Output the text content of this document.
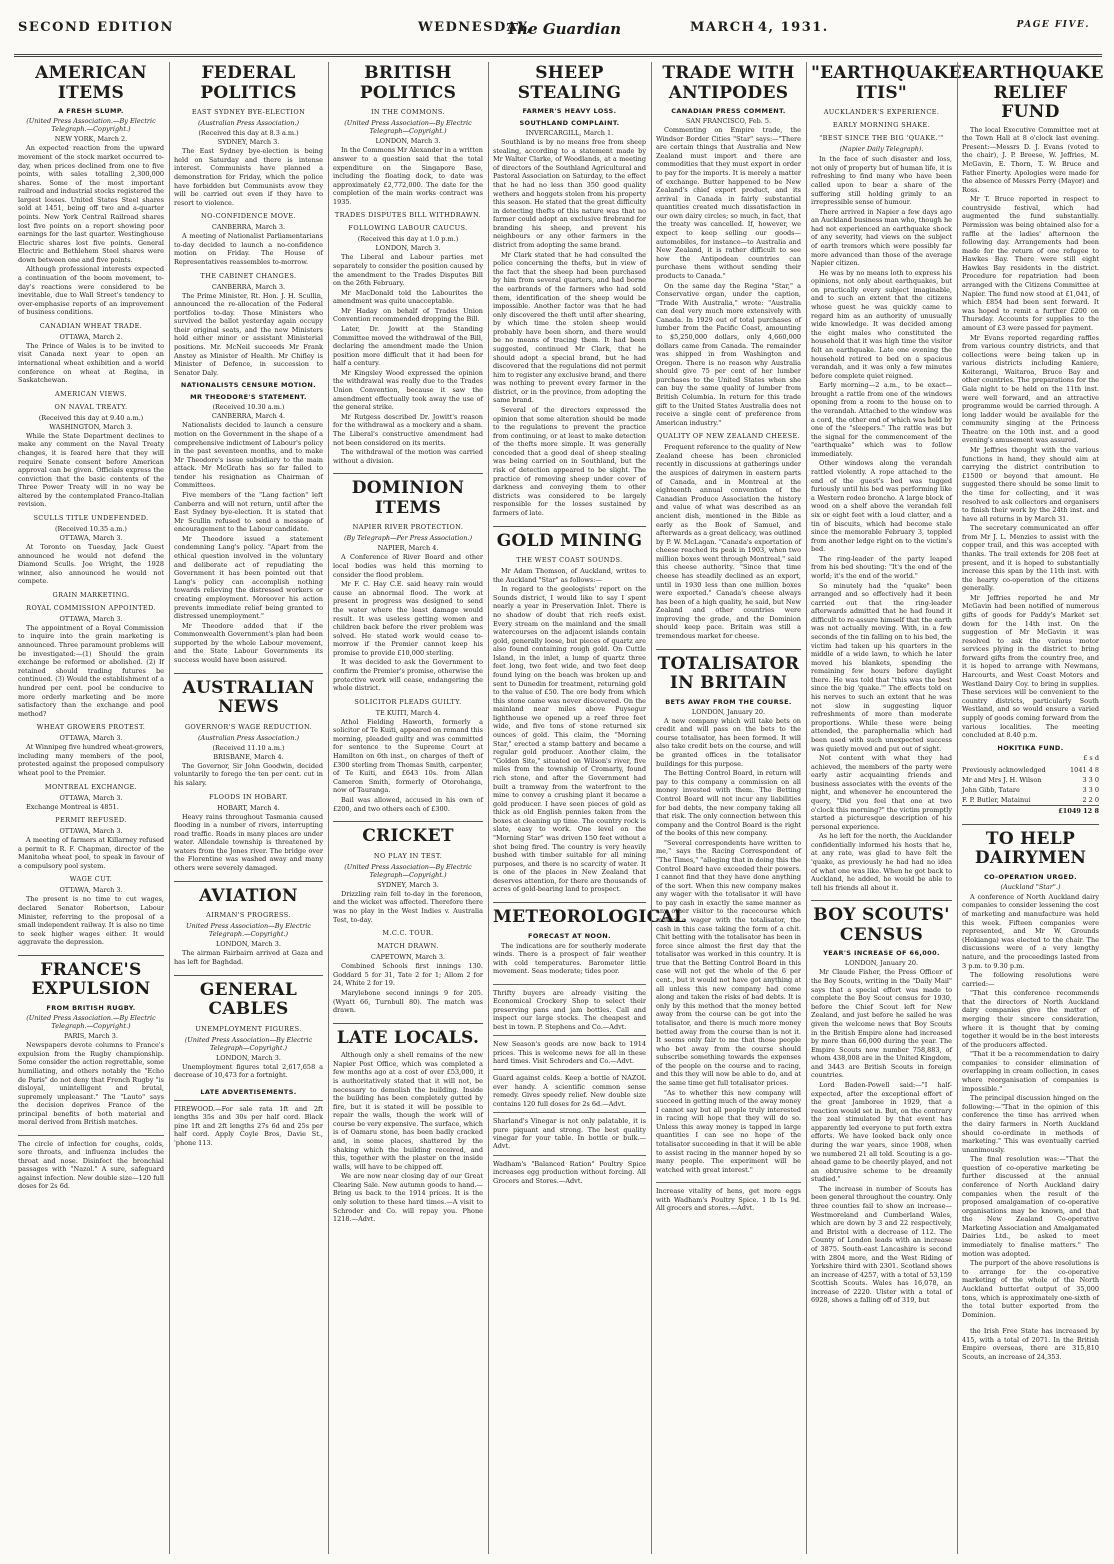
SECOND EDITION	WEDNESDAY,
The Guardian	MARCH 4, 1931.	PAGE FIVE.
AMERICAN ITEMS
A FRESH SLUMP.
(United Press Association.—By Electric Telegraph.—Copyright.)
NEW YORK, March 2.

An expected reaction from the upward movement of the stock market occurred to-day, when prices declined from one to five points, with sales totalling 2,300,000 shares. Some of the most important railroad and industrial stocks registered the largest losses. United States Steel shares sold at 1451, being off two and a-quarter points. New York Central Railroad shares lost five points on a report showing poor earnings for the last quarter. Westinghouse Electric shares lost five points. General Electric and Bethlehem Steel shares were down between one and five points.

Although professional interests expected a continuation of the boom movement, to-day's reactions were considered to be inevitable, due to Wall Street's tendency to over-emphasise reports of an improvement of business conditions.

CANADIAN WHEAT TRADE.
OTTAWA, March 2.

The Prince of Wales is to be invited to visit Canada next year to open an international wheat exhibition and a world conference on wheat at Regina, in Saskatchewan.

AMERICAN VIEWS.
ON NAVAL TREATY.
(Received this day at 9.40 a.m.)
WASHINGTON, March 3.

While the State Department declines to make any comment on the Naval Treaty changes, it is feared here that they will require Senate consent before American approval can be given. Officials express the conviction that the basic contents of the Three Power Treaty will in no way be altered by the contemplated Franco-Italian revision.

SCULLS TITLE UNDEFENDED.
(Received 10.35 a.m.)
OTTAWA, March 3.

At Toronto on Tuesday, Jack Guest announced he would not defend the Diamond Sculls. Joe Wright, the 1928 winner, also announced he would not compete.

GRAIN MARKETING.
ROYAL COMMISSION APPOINTED.
OTTAWA, March 3.

The appointment of a Royal Commission to inquire into the grain marketing is announced. Three paramount problems will be investigated:—(1) Should the grain exchange be reformed or abolished. (2) If retained should trading futures be continued. (3) Would the establishment of a hundred per cent. pool be conducive to more orderly marketing and be more satisfactory than the exchange and pool method?

WHEAT GROWERS PROTEST.
OTTAWA, March 3.

At Winnipeg five hundred wheat-growers, including many members of the pool, protested against the proposed compulsory wheat pool to the Premier.

MONTREAL EXCHANGE.
OTTAWA, March 3.

Exchange Montreal is 4851.

PERMIT REFUSED.
OTTAWA, March 3.

A meeting of farmers at Killarney refused a permit to R. F. Chapman, director of the Manitoba wheat pool, to speak in favour of a compulsory pool system.

WAGE CUT.
OTTAWA, March 3.

The present is no time to cut wages, declared Senator Robertson, Labour Minister, referring to the proposal of a small independent railway. It is also no time to seek higher wages either. It would aggravate the depression.

FRANCE'S EXPULSION
FROM BRITISH RUGBY.
(United Press Association.—By Electric Telegraph.—Copyright.)
PARIS, March 3.

Newspapers devote columns to France's expulsion from the Rugby championship. Some consider the action regrettable, some humiliating, and others notably the "Echo de Paris" do not deny that French Rugby "is disloyal, unintelligent and brutal, supremely unpleasant." The "Lauto" says the decision deprives France of the principal benefits of both material and moral derived from British matches.

The circle of infection for coughs, colds, sore throats, and influenza includes the throat and nose. Disinfect the bronchial passages with "Nazol." A sure, safeguard against infection. New double size—120 full doses for 2s 6d.
FEDERAL POLITICS
EAST SYDNEY BYE-ELECTION
(Australian Press Association.)
(Received this day at 8.3 a.m.)
SYDNEY, March 3.

The East Sydney bye-election is being held on Saturday and there is intense interest. Communists have planned a demonstration for Friday, which the police have forbidden but Communists avow they will be carried out even if they have to resort to violence.

NO-CONFIDENCE MOVE.
CANBERRA, March 3.

A meeting of Nationalist Parliamentarians to-day decided to launch a no-confidence motion on Friday. The House of Representatives reassembles to-morrow.

THE CABINET CHANGES.
CANBERRA, March 3.

The Prime Minister, Rt. Hon. J. H. Scullin, announced the re-allocation of the Federal portfolios to-day. Those Ministers who survived the ballot yesterday again occupy their original seats, and the new Ministers hold either minor or assistant Ministerial positions. Mr. McNeil succeeds Mr Frank Anstey as Minister of Health. Mr Chifley is Minister of Defence, in succession to Senator Daly.

NATIONALISTS CENSURE MOTION.
MR THEODORE'S STATEMENT.
(Received 10.30 a.m.)
CANBERRA, March 4.

Nationalists decided to launch a censure motion on the Government in the shape of a comprehensive indictment of Labour's policy in the past seventeen months, and to make Mr Theodore's issue subsidiary to the main attack. Mr McGrath has so far failed to tender his resignation as Chairman of Committees.

Five members of the "Lang faction" left Canberra and will not return, until after the East Sydney bye-election. It is stated that Mr Scullin refused to send a message of encouragement to the Labour candidate.

Mr Theodore issued a statement condemning Lang's policy. "Apart from the ethical question involved in the voluntary and deliberate act of repudiating the Government it has been pointed out that Lang's policy can accomplish nothing towards relieving the distressed workers or creating employment. Moreover his action prevents immediate relief being granted to distressed unemployment."

Mr Theodore added that if the Commonwealth Government's plan had been supported by the whole Labour movement, and the State Labour Governments its success would have been assured.

AUSTRALIAN NEWS
GOVERNOR'S WAGE REDUCTION.
(Australian Press Association.)
(Received 11.10 a.m.)
BRISBANE, March 4.

The Governor, Sir John Goodwin, decided voluntarily to forego the ten per cent. cut in his salary.

FLOODS IN HOBART.
HOBART, March 4.

Heavy rains throughout Tasmania caused flooding in a number of rivers, interrupting road traffic. Roads in many places are under water. Allendale township is threatened by waters from the Jones river. The bridge over the Florentine was washed away and many others were severely damaged.

AVIATION
AIRMAN'S PROGRESS.
United Press Association—By Electric Telegraph.—Copyright.)
LONDON, March 3.

The airman Fairbairn arrived at Gaza and has left for Baghdad.

GENERAL CABLES
UNEMPLOYMENT FIGURES.
(United Press Association—By Electric Telegraph—Copyright.)
LONDON, March 3.

Unemployment figures total 2,617,658 a decrease of 10,473 for a fortnight.

LATE ADVERTISEMENTS.
FIREWOOD.—For sale rata 1ft and 2ft lengths 35s and 30s per half cord. Black pine 1ft and 2ft lengths 27s 6d and 25s per half cord. Apply Coyle Bros, Davie St., 'phone 113.
BRITISH POLITICS
IN THE COMMONS.
(United Press Association—By Electric Telegraph—Copyright.)
LONDON, March 3.

In the Commons Mr Alexander in a written answer to a question said that the total expenditure on the Singapore Base, including the floating dock, to date was approximately £2,772,000. The date for the completion of the main works contract was 1935.

TRADES DISPUTES BILL WITHDRAWN.
FOLLOWING LABOUR CAUCUS.
(Received this day at 1.0 p.m.)
LONDON, March 3.

The Liberal and Labour parties met separately to consider the position caused by the amendment to the Trades Disputes Bill on the 26th February.

Mr MacDonald told the Labourites the amendment was quite unacceptable.

Mr Haday on behalf of Trades Union Convention recommended dropping the Bill.

Later, Dr. Jowitt at the Standing Committee moved the withdrawal of the Bill, declaring the amendment made the Union position more difficult that it had been for half a century.

Mr Kingsley Wood expressed the opinion the withdrawal was really due to the Trades Union Convention, because it saw the amendment effectually took away the use of the general strike.

Mr Rutgess described Dr. Jowitt's reason for the withdrawal as a mockery and a sham. The Liberal's constructive amendment had not been considered on its merits.

The withdrawal of the motion was carried without a division.

DOMINION ITEMS
NAPIER RIVER PROTECTION.
(By Telegraph—Per Press Association.)
NAPIER, March 4.

A Conference of River Board and other local bodies was held this morning to consider the flood problem.

Mr F. C. Hay C.E. said heavy rain would cause an abnormal flood. The work at present in progress was designed to send the water where the least damage would result. It was useless getting women and children back before the river problem was solved. He stated work would cease to-morrow if the Premier cannot keep his promise to provide £10,000 sterling.

It was decided to ask the Government to confirm the Premier's promise, otherwise the protective work will cease, endangering the whole district.

SOLICITOR PLEADS GUILTY.
TE KUITI, March 4.

Athol Fielding Haworth, formerly a solicitor of Te Kuiti, appeared on remand this morning, pleaded guilty and was committed for sentence to the Supreme Court at Hamilton on 6th inst., on charges of theft of £300 sterling from Thomas Smith, carpenter, of Te Kuiti, and £643 10s. from Allan Cameron Smith, formerly of Otorohanga, now of Tauranga.

Bail was allowed, accused in his own of £200, and two others each of £300.

CRICKET
NO PLAY IN TEST.
(United Press Association—By Electric Telegraph—Copyright.)
SYDNEY, March 3.

Drizzling rain fell to-day in the forenoon, and the wicket was affected. Therefore there was no play in the West Indies v. Australia Test, to-day.

M.C.C. TOUR.
MATCH DRAWN.
CAPETOWN, March 3.

Combined Schools first innings 130. Goddard 5 for 31, Tate 2 for 1; Allom 2 for 24, White 2 for 19.

Marylebone second innings 9 for 205. (Wyatt 66, Turnbull 80). The match was drawn.

LATE LOCALS.

Although only a shell remains of the new Napier Post Office, which was completed a few months ago at a cost of over £53,000, it is authoritatively stated that it will not, be necessary to demolish the building. Inside the building has been completely gutted by fire, but it is stated it will be possible to repair the walls, though the work will of course be very expensive. The surface, which is of Oamaru stone, has been badly cracked and, in some places, shattered by the shaking which the building received, and this, together with the plaster on the inside walls, will have to be chipped off.

We are now near closing day of our Great Clearing Sale. New autumn goods to hand.—Bring us back to the 1914 prices. It is the only solution to these hard times.—A visit to Schroder and Co. will repay you. Phone 1218.—Advt.

SHEEP STEALING
FARMER'S HEAVY LOSS.
SOUTHLAND COMPLAINT.
INVERCARGILL, March 1.

Southland is by no means free from sheep stealing, according to a statement made by Mr Walter Clarke, of Woodlands, at a meeting of directors of the Southland Agricultural and Pastoral Association on Saturday, to the effect that he had no less than 350 good quality wethers and hoggets stolen from his property this season. He stated that the great difficulty in detecting thefts of this nature was that no farmer could adopt an exclusive firebrand for branding his sheep, and prevent his neighbours or any other farmers in the district from adopting the same brand.

Mr Clark stated that he had consulted the police concerning the thefts, but in view of the fact that the sheep had been purchased by him from several quarters, and had borne the earbrands of the farmers who had sold them, identification of the sheep would be impossible. Another factor was that he had only discovered the theft until after shearing, by which time the stolen sheep would probably have been shorn, and there would be no means of tracing them. It had been suggested, continued Mr Clark, that he should adopt a special brand, but he had discovered that the regulations did not permit him to register any exclusive brand, and there was nothing to prevent every farmer in the district, or in the province, from adopting the same brand.

Several of the directors expressed the opinion that some alteration should be made to the regulations to prevent the practice from continuing, or at least to make detection of the thefts more simple. It was generally conceded that a good deal of sheep stealing was being carried on in Southland, but the risk of detection appeared to be slight. The practice of removing sheep under cover of darkness and conveying them to other districts was considered to be largely responsible for the losses sustained by farmers of late.

GOLD MINING
THE WEST COAST SOUNDS.

Mr Adam Thomson, of Auckland, writes to the Auckland "Star" as follows:—

In regard to the geologists' report on the Sounds district, I would like to say I spent nearly a year in Preservation Inlet. There is no shadow of doubt that rich reefs exist. Every stream on the mainland and the small watercourses on the adjacent islands contain gold, generally loose, but pieces of quartz are also found containing rough gold. On Cuttle Island, in the inlet, a lump of quartz three feet long, two feet wide, and two feet deep found lying on the beach was broken up and sent to Dunedin for treatment, returning gold to the value of £50. The ore body from which this stone came was never discovered. On the mainland near miles above Puysegur lighthouse we opened up a reef three feet wide, and five tons of stone returned six ounces of gold. This claim, the "Morning Star," erected a stamp battery and became a regular gold producer. Another claim, the "Golden Site," situated on Wilson's river, five miles from the township of Cromarty, found rich stone, and after the Government had built a tramway from the waterfront to the mine to convey a crushing plant it became a gold producer. I have seen pieces of gold as thick as old English pennies taken from the boxes at cleaning up time. The country rock is slate, easy to work. One level on the "Morning Star" was driven 150 feet without a shot being fired. The country is very heavily bushed with timber suitable for all mining purposes, and there is no scarcity of water. It is one of the places in New Zealand that deserves attention, for there are thousands of acres of gold-bearing land to prospect.

METEOROLOGICAL
FORECAST AT NOON.

The indications are for southerly moderate winds. There is a prospect of fair weather with cold temperatures. Barometer little movement. Seas moderate; tides poor.

Thrifty buyers are already visiting the Economical Crockery Shop to select their preserving pans and jam bottles. Call and inspect our large stocks. The cheapest and best in town. P. Stephens and Co.—Advt.
New Season's goods are now back to 1914 prices. This is welcome news for all in these hard times. Visit Schroders and Co.—Advt.
Guard against colds. Keep a bottle of NAZOL ever handy. A scientific common sense remedy. Gives speedy relief. New double size contains 120 full doses for 2s 6d.—Advt.
Sharland's Vinegar is not only palatable, it is pure piquant and strong. The best quality vinegar for your table. In bottle or bulk.—Advt.
Wadham's "Balanced Ration" Poultry Spice increases egg production without forcing. All Grocers and Stores.—Advt.
TRADE WITH ANTIPODES
CANADIAN PRESS COMMENT.
SAN FRANCISCO, Feb. 5.

Commenting on Empire trade, the Windsor Border Cities "Star" says:—"There are certain things that Australia and New Zealand must import and there are commodities that they must export in order to pay for the imports. It is merely a matter of exchange. Butter happened to be New Zealand's chief export product, and its arrival in Canada in fairly substantial quantities created much dissatisfaction in our own dairy circles; so much, in fact, that the treaty was cancelled. If, however, we expect to keep selling our goods—automobiles, for instance—to Australia and New Zealand, it is rather difficult to see how the Antipodean countries can purchase them without sending their products to Canada."

On the same day the Regina "Star," a Conservative organ, under the caption, "Trade With Australia," wrote: "Australia can deal very much more extensively with Canada. In 1929 out of total purchases of lumber from the Pacific Coast, amounting to $5,250,000 dollars, only 4,660,000 dollars came from Canada. The remainder was shipped in from Washington and Oregon. There is no reason why Australia should give 75 per cent of her lumber purchases to the United States when she can buy the same quality of lumber from British Columbia. In return for this trade gift to the United States Australia does not receive a single cent of preference from American industry."

QUALITY OF NEW ZEALAND CHEESE.

Frequent reference to the quality of New Zealand cheese has been chronicled recently in discussions at gatherings under the auspices of dairymen in eastern parts of Canada, and in Montreal at the eighteenth annual convention of the Canadian Produce Association the history and value of what was described as an ancient dish, mentioned in the Bible as early as the Book of Samuel, and afterwards as a great delicacy, was outlined by P. W. McLagan. "Canada's exportation of cheese reached its peak in 1903, when two million boxes went through Montreal," said this cheese authority. "Since that time cheese has steadily declined as an export, until in 1930 less than one million boxes were exported." Canada's cheese always has been of a high quality, he said, but New Zealand and other countries were improving the grade, and the Dominion should keep pace. Britain was still a tremendous market for cheese.

TOTALISATOR IN BRITAIN
BETS AWAY FROM THE COURSE.
LONDON, January 20.

A new company which will take bets on credit and will pass on the bets to the course totalisator, has been formed. It will also take credit bets on the course, and will be granted offices in the totalisator buildings for this purpose.

The Betting Control Board, in return will pay to this company a commission on all money invested with them. The Betting Control Board will not incur any liabilities for bad debts, the new company taking all that risk. The only connection between this company and the Control Board is the right of the books of this new company.

"Several correspondents have written to me," says the Racing Correspondent of "The Times," "alleging that in doing this the Control Board have exceeded their powers. I cannot find that they have done anything of the sort. When this new company makes any wager with the totalisator it will have to pay cash in exactly the same manner as any other visitor to the racecourse which makes a wager with the totalisator, the cash in this case taking the form of a chit. Chit betting with the totalisator has been in force since almost the first day that the totalisator was worked in this country. It is true that the Betting Control Board in this case will not get the whole of the 6 per cent., but it would not have got anything at all unless this new company had come along and taken the risks of bad debts. It is only by this method that the money betted away from the course can be got into the totalisator, and there is much more money betted away from the course than is not it. It seems only fair to me that those people who bet away from the course should subscribe something towards the expenses of the people on the course and to racing, and this they will now be able to do, and at the same time get full totalisator prices.

"As to whether this new company will succeed in getting much of the away money I cannot say but all people truly interested in racing will hope that they will do so. Unless this away money is tapped in large quantities I can see no hope of the totalisator succeeding in that it will be able to assist racing in the manner hoped by so many people. The experiment will be watched with great interest."

Increase vitality of hens, get more eggs with Wadham's Poultry Spice. 1 lb 1s 9d. All grocers and stores.—Advt.
"EARTHQUAKE-ITIS"
AUCKLANDER'S EXPERIENCE.
EARLY MORNING SHAKE.
"BEST SINCE THE BIG 'QUAKE.'"
(Napier Daily Telegraph).

In the face of such disaster and loss, not only of property but of human life, it is refreshing to find many who have been called upon to bear a share of the suffering still holding grimly to an irrepressible sense of humour.

There arrived in Napier a few days ago an Auckland business man who, though he had not experienced an earthquake shock of any severity, had views on the subject of earth tremors which were possibly far more advanced than those of the average Napier citizen.

He was by no means loth to express his opinions, not only about earthquakes, but on practically every subject imaginable, and to such an extent that the citizens whose guest he was quickly came to regard him as an authority of unusually wide knowledge. It was decided among the eight males who constituted the household that it was high time the visitor felt an earthquake. Late one evening the household retired to bed on a spacious verandah, and it was only a few minutes before complete quiet reigned.

Early morning—2 a.m., to be exact—brought a rattle from one of the windows opening from a room to the house on to the verandah. Attached to the window was a cord, the other end of which was held by one of the "sleepers." The rattle was but the signal for the commencement of the "earthquake" which was to follow immediately.

Other windows along the verandah rattled violently. A rope attached to the end of the guest's bed was tugged furiously until his bed was performing like a Western rodeo broncho. A large block of wood on a shelf above the verandah fell six or eight feet with a loud clatter, and a tin of biscuits, which had become stale since the memorable February 3, toppled from another ledge right on to the victim's bed.

The ring-leader of the party leaped from his bed shouting: "It's the end of the world; it's the end of the world."

So minutely had the "quake" been arranged and so effectively had it been carried out that the ring-leader afterwards admitted that he had found it difficult to re-assure himself that the earth was not actually moving. With, in a few seconds of the tin falling on to his bed, the victim had taken up his quarters in the middle of a wide lawn, to which he later moved his blankets, spending the remaining few hours before daylight there. He was told that "this was the best since the big 'quake.'" The effects told on his nerves to such an extent that he was not slow in suggesting liquor refreshments of more than moderate proportions. While these were being attended, the paraphernalia which had been used with such unexpected success was quietly moved and put out of sight.

Not content with what they had achieved, the members of the party were early astir acquainting friends and business associates with the events of the night, and whenever he encountered the query, "Did you feel that one at two o'clock this morning?" the victim promptly started a picturesque description of his personal experience.

As he left for the north, the Aucklander confidentially informed his hosts that he, at any rate, was glad to have felt the 'quake, as previously he had had no idea of what one was like. When he got back to Auckland, he added, he would be able to tell his friends all about it.

BOY SCOUTS' CENSUS
YEAR'S INCREASE OF 66,000.
LONDON, January 20.

Mr Claude Fisher, the Press Officer of the Boy Scouts, writing in the "Daily Mail" says that a special effort was made to complete the Boy Scout census for 1930, before the Chief Scout left for New Zealand, and just before he sailed he was given the welcome news that Boy Scouts in the British Empire alone had increased by more than 66,000 during the year. The Empire Scouts now number 758,883, of whom 438,008 are in the United Kingdom, and 3443 are British Scouts in foreign countries.

Lord Baden-Powell said:—"I half-expected, after the exceptional effort of the great Jamboree in 1929, that a reaction would set in. But, on the contrary the zeal stimulated by that event has apparently led everyone to put forth extra efforts. We have looked back only once during the war years, since 1908, when we numbered 21 all told. Scouting is a go-ahead game to be cheerily played, and not an obtrusive scheme to be dreamily studied."

The increase in number of Scouts has been general throughout the country. Only three counties fail to show an increase—Westmoreland and Cumberland Wales, which are down by 3 and 22 respectively, and Bristol with a decrease of 112. The County of London leads with an increase of 3875. South-east Lancashire is second with 2804 more, and the West Riding of Yorkshire third with 2301. Scotland shows an increase of 4257, with a total of 53,159 Scottish Scouts. Wales has 16,078, an increase of 2220. Ulster with a total of 6928, shows a falling off of 319, but

EARTHQUAKE RELIEF FUND

The local Executive Committee met at the Town Hall at 8 o'clock last evening. Present:—Messrs D. J. Evans (voted to the chair), J. P. Breese, W. Jeffries, M. McGavin, E. Thorn, T. W. Bruce and Father Finerty. Apologies were made for the absence of Messrs Perry (Mayor) and Ross.

Mr T. Bruce reported in respect to countryside festival, which had augmented the fund substantially. Permission was being obtained also for a raffle at the ladies' afternoon the following day. Arrangements had been made for the return of one refugee to Hawkes Bay. There were still eight Hawkes Bay residents in the district. Procedure for repatriation had been arranged with the Citizens Committee at Napier. The fund now stood at £1,041, of which £854 had been sent forward. It was hoped to remit a further £200 on Thursday. Accounts for supplies to the amount of £3 were passed for payment.

Mr Evans reported regarding raffles from various country districts, and that collections were being taken up in various districts including Kaniere, Koiterangi, Waitaroa, Bruce Bay and other countries. The preparations for the Gala night to be held on the 11th inst. were well forward, and an attractive programme would be carried through. A long ladder would be available for the community singing at the Princess Theatre on the 10th inst. and a good evening's amusement was assured.

Mr Jeffries thought with the various functions in hand, they should aim at carrying the district contribution to £1500 or beyond that amount. He suggested there should be some limit to the time for collecting, and it was resolved to ask collectors and organisers to finish their work by the 24th inst. and have all returns in by March 31.

The secretary communicated an offer from Mr J. L. Menzies to assist with the copper trail, and this was accepted with thanks. The trail extends for 208 feet at present, and it is hoped to substantially increase this span by the 11th inst. with the hearty co-operation of the citizens generally.

Mr Jeffries reported he and Mr McGavin had been notified of numerous gifts of goods for Paddy's Market set down for the 14th inst. On the suggestion of Mr McGavin it was resolved to ask the various motor services plying in the district to bring forward gifts from the country free, and it is hoped to arrange with Newmans, Harcourts, and West Coast Motors and Westland Dairy Coy. to bring in supplies. These services will be convenient to the country districts, particularly South Westland, and so would ensure a varied supply of goods coming forward from the various localities. The meeting concluded at 8.40 p.m.

HOKITIKA FUND.
£ s d
Previously acknowledged	1041 4 8
Mr and Mrs J. H. Wilson	3 3 0
John Gibb, Tatare	3 3 0
F. P. Butler, Matainui	2 2 0
	£1049 12 8
TO HELP DAIRYMEN
CO-OPERATION URGED.
(Auckland "Star".)

A conference of North Auckland dairy companies to consider lessening the cost of marketing and manufacture was held this week. Fifteen companies were represented, and Mr W. Grounds (Hokianga) was elected to the chair. The discussions were of a very lengthy nature, and the proceedings lasted from 3 p.m. to 9.30 p.m.

The following resolutions were carried:—

"That this conference recommends that the directors of North Auckland dairy companies give the matter of merging their sincere consideration, where it is thought that by coming together it would be in the best interests of the producers affected.

"That it be a recommendation to dairy companies to consider elimination of overlapping in cream collection, in cases where reorganisation of companies is impossible."

The principal discussion hinged on the following:—"That in the opinion of this conference the time has arrived when the dairy farmers in North Auckland should co-ordinate in methods of marketing." This was eventually carried unanimously.

The final resolution was:—"That the question of co-operative marketing be further discussed at the annual conference of North Auckland dairy companies when the result of the proposed amalgamation of co-operative organisations may be known, and that the New Zealand Co-operative Marketing Association and Amalgamated Dairies Ltd., be asked to meet immediately to finalise matters." The motion was adopted.

The purport of the above resolutions is to arrange for the co-operative marketing of the whole of the North Auckland butterfat output of 35,000 tons, which is approximately one-sixth of the total butter exported from the Dominion.

the Irish Free State has increased by 415, with a total of 2071. In the British Empire overseas, there are 315,810 Scouts, an increase of 24,353.
